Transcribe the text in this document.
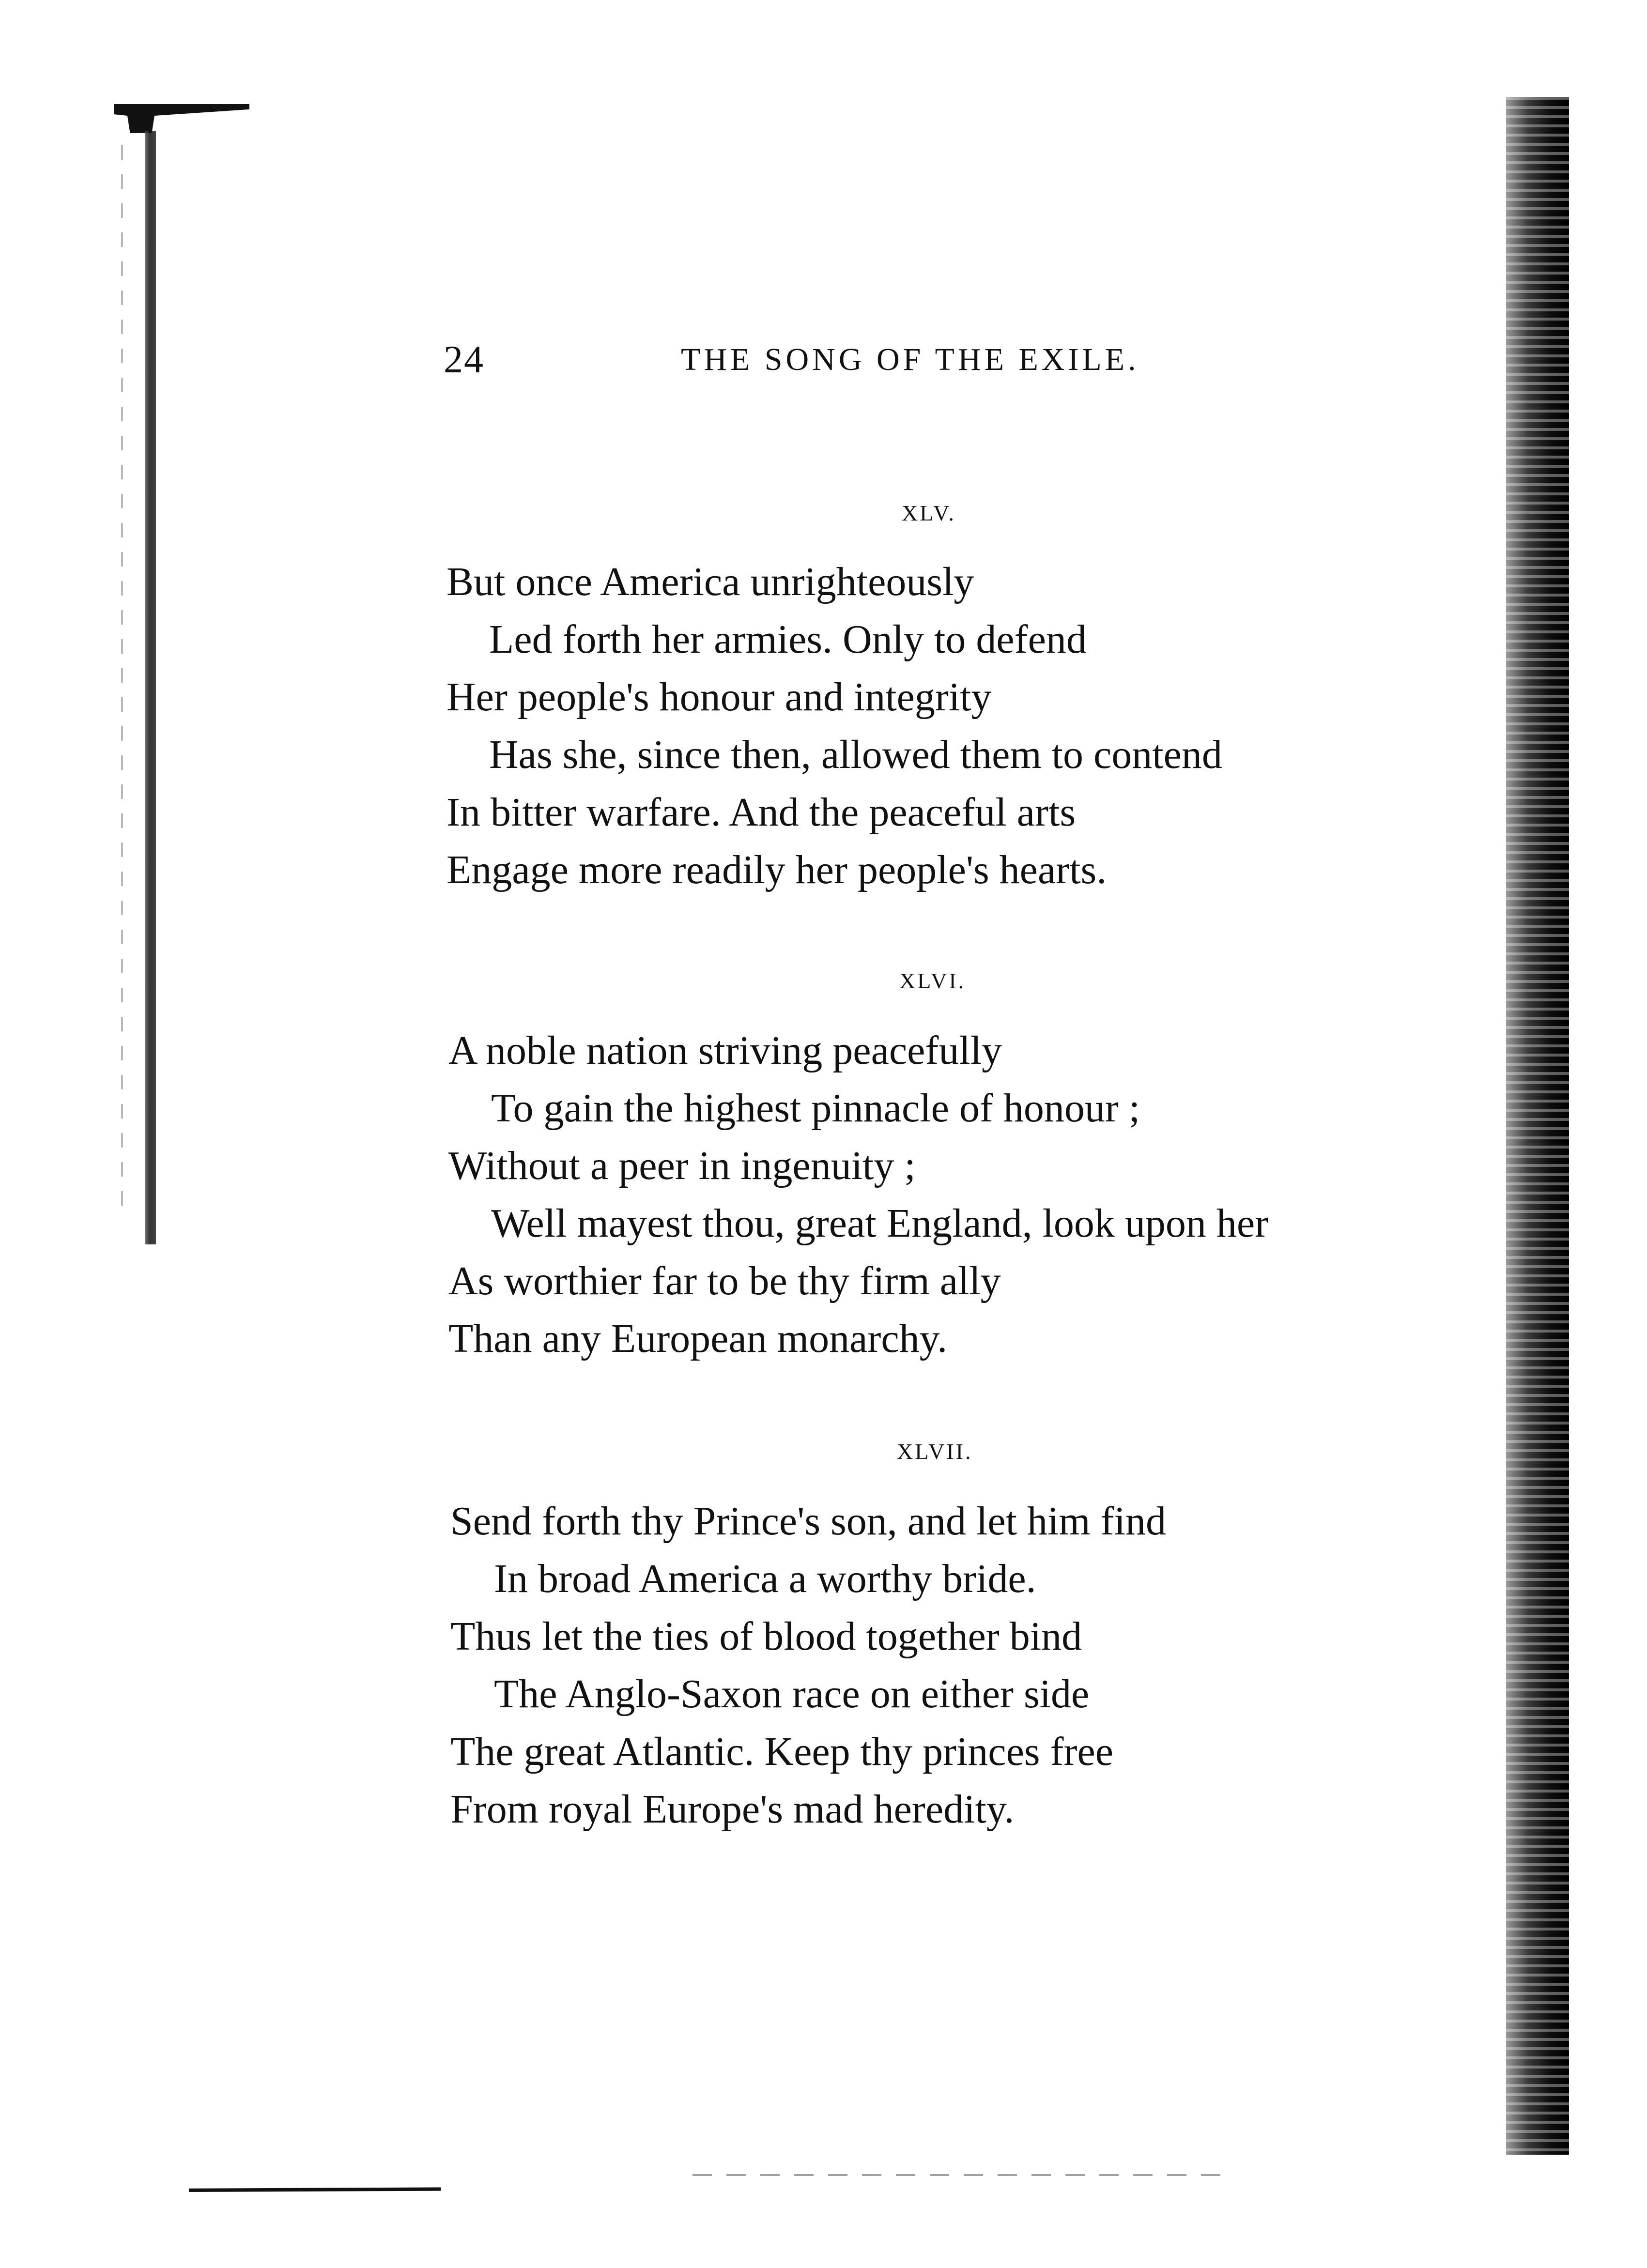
24	THE SONG OF THE EXILE.
XLV.
But once America unrighteously
Led forth her armies. Only to defend
Her people's honour and integrity
Has she, since then, allowed them to contend
In bitter warfare. And the peaceful arts
Engage more readily her people's hearts.
XLVI.
A noble nation striving peacefully
To gain the highest pinnacle of honour ;
Without a peer in ingenuity ;
Well mayest thou, great England, look upon her
As worthier far to be thy firm ally
Than any European monarchy.
XLVII.
Send forth thy Prince's son, and let him find
In broad America a worthy bride.
Thus let the ties of blood together bind
The Anglo-Saxon race on either side
The great Atlantic. Keep thy princes free
From royal Europe's mad heredity.
